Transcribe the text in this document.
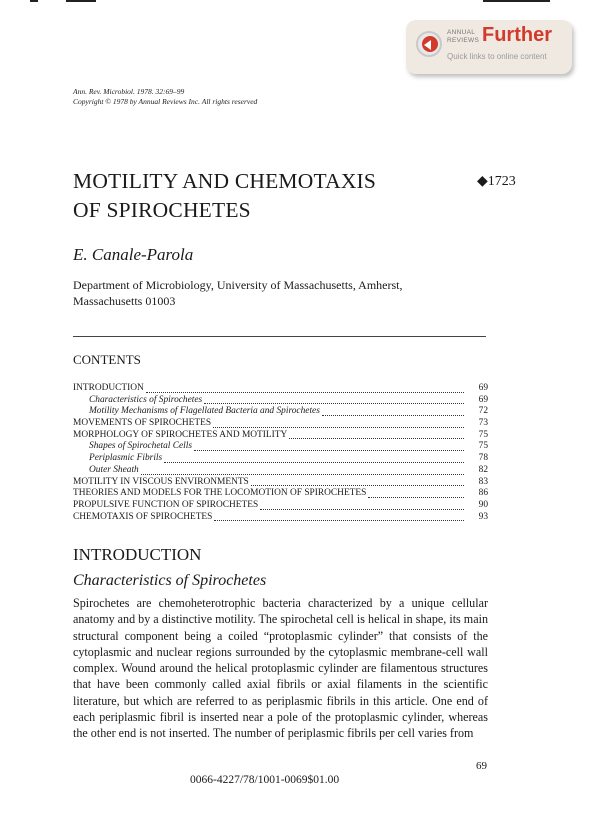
ANNUAL REVIEWS Further
Quick links to online content
Ann. Rev. Microbiol. 1978. 32:69–99
Copyright © 1978 by Annual Reviews Inc. All rights reserved
MOTILITY AND CHEMOTAXIS
OF SPIROCHETES
◆1723
E. Canale-Parola
Department of Microbiology, University of Massachusetts, Amherst,
Massachusetts 01003
CONTENTS
INTRODUCTION	69
Characteristics of Spirochetes	69
Motility Mechanisms of Flagellated Bacteria and Spirochetes	72
MOVEMENTS OF SPIROCHETES	73
MORPHOLOGY OF SPIROCHETES AND MOTILITY	75
Shapes of Spirochetal Cells	75
Periplasmic Fibrils	78
Outer Sheath	82
MOTILITY IN VISCOUS ENVIRONMENTS	83
THEORIES AND MODELS FOR THE LOCOMOTION OF SPIROCHETES	86
PROPULSIVE FUNCTION OF SPIROCHETES	90
CHEMOTAXIS OF SPIROCHETES	93
INTRODUCTION
Characteristics of Spirochetes
Spirochetes are chemoheterotrophic bacteria characterized by a unique cellular anatomy and by a distinctive motility. The spirochetal cell is helical in shape, its main structural component being a coiled “protoplasmic cylinder” that consists of the cytoplasmic and nuclear regions surrounded by the cytoplasmic membrane-cell wall complex. Wound around the helical protoplasmic cylinder are filamentous structures that have been commonly called axial fibrils or axial filaments in the scientific literature, but which are referred to as periplasmic fibrils in this article. One end of each periplasmic fibril is inserted near a pole of the protoplasmic cylinder, whereas the other end is not inserted. The number of periplasmic fibrils per cell varies from
69
0066-4227/78/1001-0069$01.00
